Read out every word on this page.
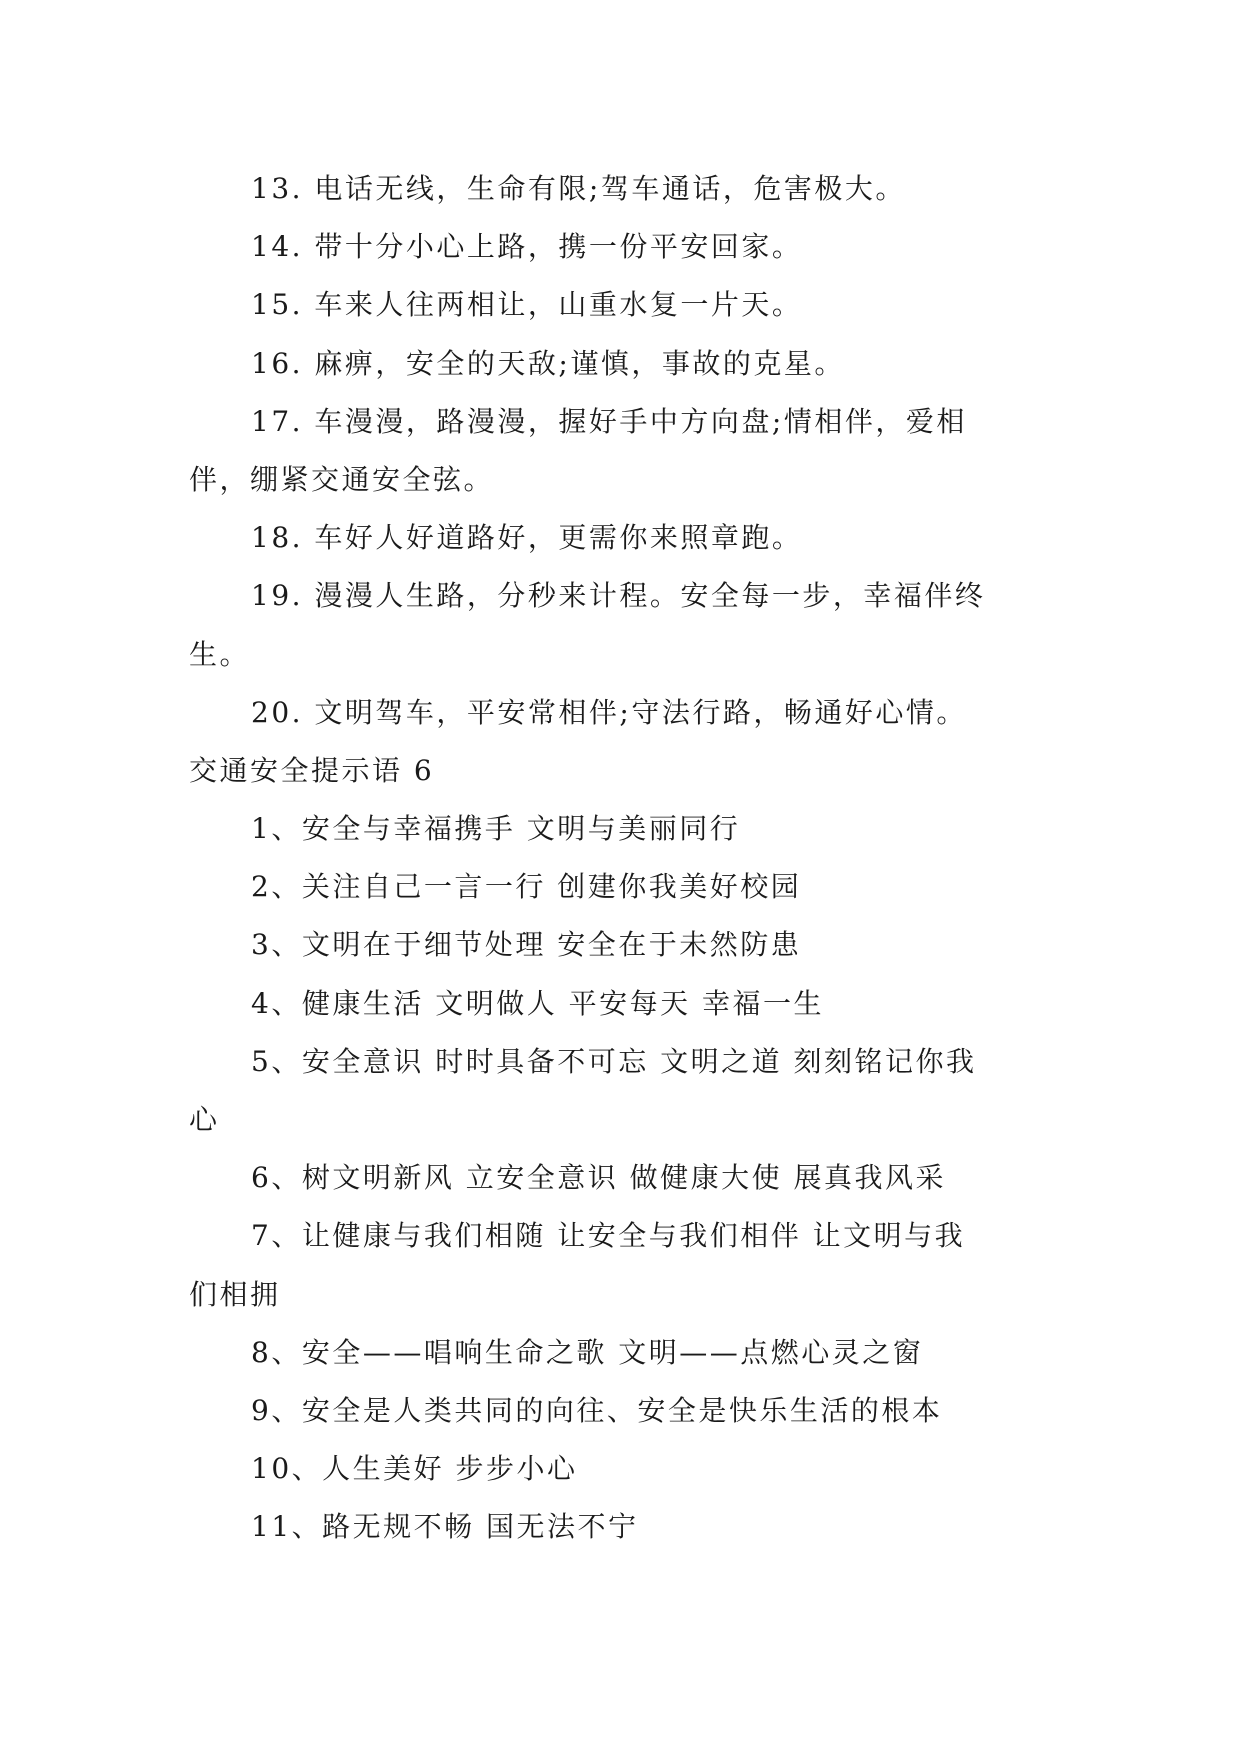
13. 电话无线，生命有限;驾车通话，危害极大。
14. 带十分小心上路，携一份平安回家。
15. 车来人往两相让，山重水复一片天。
16. 麻痹，安全的天敌;谨慎，事故的克星。
17. 车漫漫，路漫漫，握好手中方向盘;情相伴，爱相
伴，绷紧交通安全弦。
18. 车好人好道路好，更需你来照章跑。
19. 漫漫人生路，分秒来计程。安全每一步，幸福伴终
生。
20. 文明驾车，平安常相伴;守法行路，畅通好心情。
交通安全提示语 6
1、安全与幸福携手 文明与美丽同行
2、关注自己一言一行 创建你我美好校园
3、文明在于细节处理 安全在于未然防患
4、健康生活 文明做人 平安每天 幸福一生
5、安全意识 时时具备不可忘 文明之道 刻刻铭记你我
心
6、树文明新风 立安全意识 做健康大使 展真我风采
7、让健康与我们相随 让安全与我们相伴 让文明与我
们相拥
8、安全——唱响生命之歌 文明——点燃心灵之窗
9、安全是人类共同的向往、安全是快乐生活的根本
10、人生美好 步步小心
11、路无规不畅 国无法不宁
